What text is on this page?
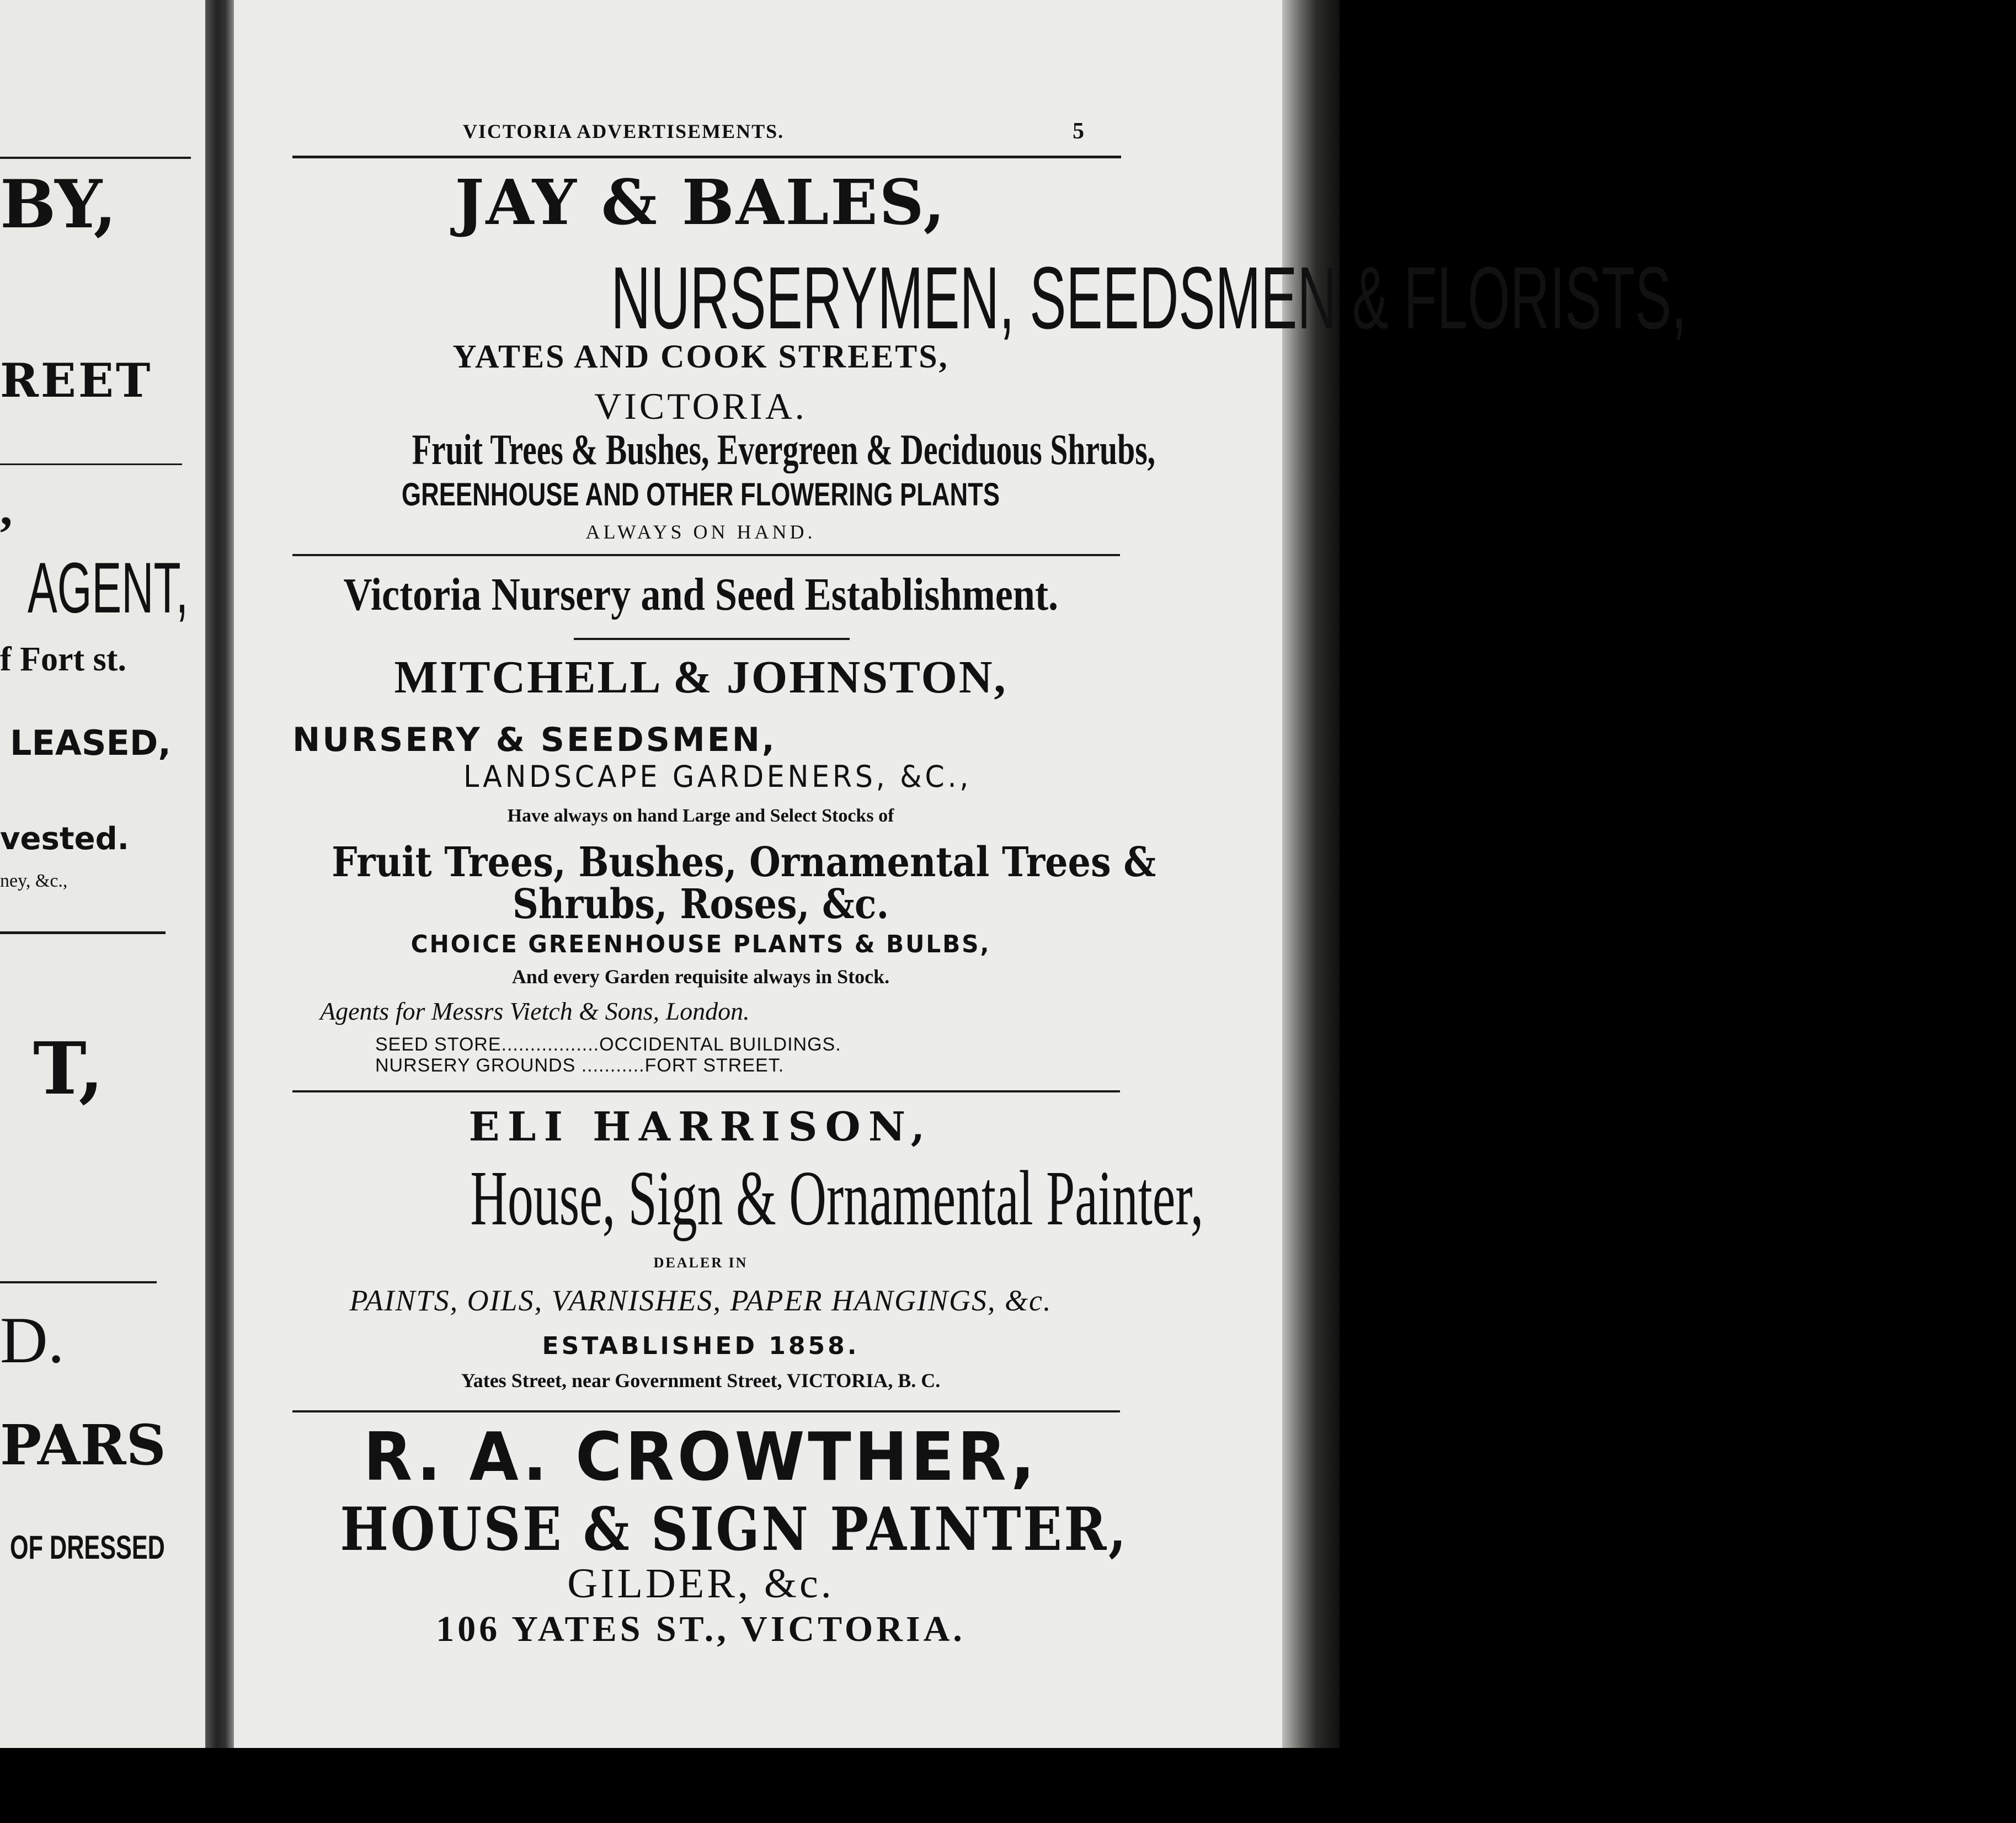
BY,
REET
,
AGENT,
f Fort st.
LEASED,
vested.
ney, &c.,
T,
D.
PARS
OF DRESSED
VICTORIA ADVERTISEMENTS.	5
JAY & BALES,
NURSERYMEN, SEEDSMEN & FLORISTS,
YATES AND COOK STREETS,
VICTORIA.
Fruit Trees & Bushes, Evergreen & Deciduous Shrubs,
GREENHOUSE AND OTHER FLOWERING PLANTS
ALWAYS ON HAND.
Victoria Nursery and Seed Establishment.
MITCHELL & JOHNSTON,
NURSERY & SEEDSMEN,
LANDSCAPE GARDENERS, &C.,
Have always on hand Large and Select Stocks of
Fruit Trees, Bushes, Ornamental Trees &
Shrubs, Roses, &c.
CHOICE GREENHOUSE PLANTS & BULBS,
And every Garden requisite always in Stock.
Agents for Messrs Vietch & Sons, London.
SEED STORE.................OCCIDENTAL BUILDINGS.
NURSERY GROUNDS ...........FORT STREET.
ELI HARRISON,
House, Sign & Ornamental Painter,
DEALER IN
PAINTS, OILS, VARNISHES, PAPER HANGINGS, &c.
ESTABLISHED 1858.
Yates Street, near Government Street, VICTORIA, B. C.
R. A. CROWTHER,
HOUSE & SIGN PAINTER,
GILDER, &c.
106 YATES ST., VICTORIA.
